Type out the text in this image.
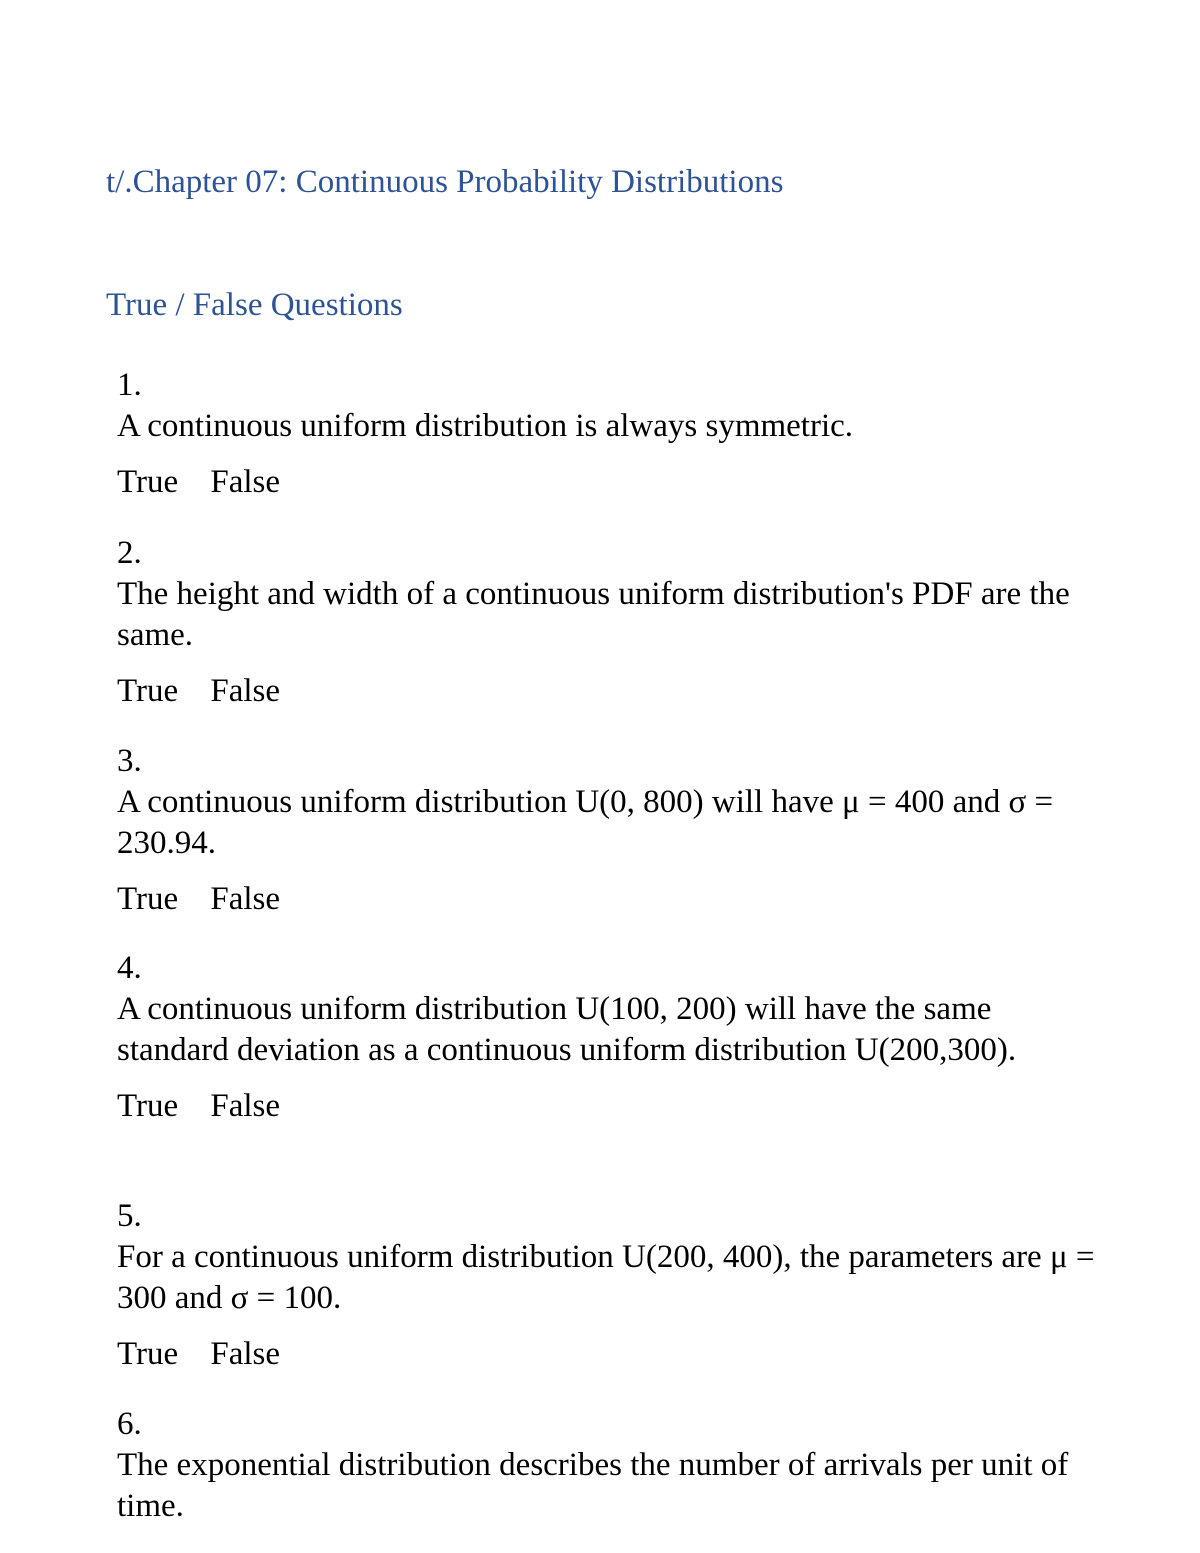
t/.Chapter 07: Continuous Probability Distributions
True / False Questions
1.
A continuous uniform distribution is always symmetric.
True False
2.
The height and width of a continuous uniform distribution's PDF are the same.
True False
3.
A continuous uniform distribution U(0, 800) will have μ = 400 and σ = 230.94.
True False
4.
A continuous uniform distribution U(100, 200) will have the same standard deviation as a continuous uniform distribution U(200,300).
True False
5.
For a continuous uniform distribution U(200, 400), the parameters are μ = 300 and σ = 100.
True False
6.
The exponential distribution describes the number of arrivals per unit of time.
